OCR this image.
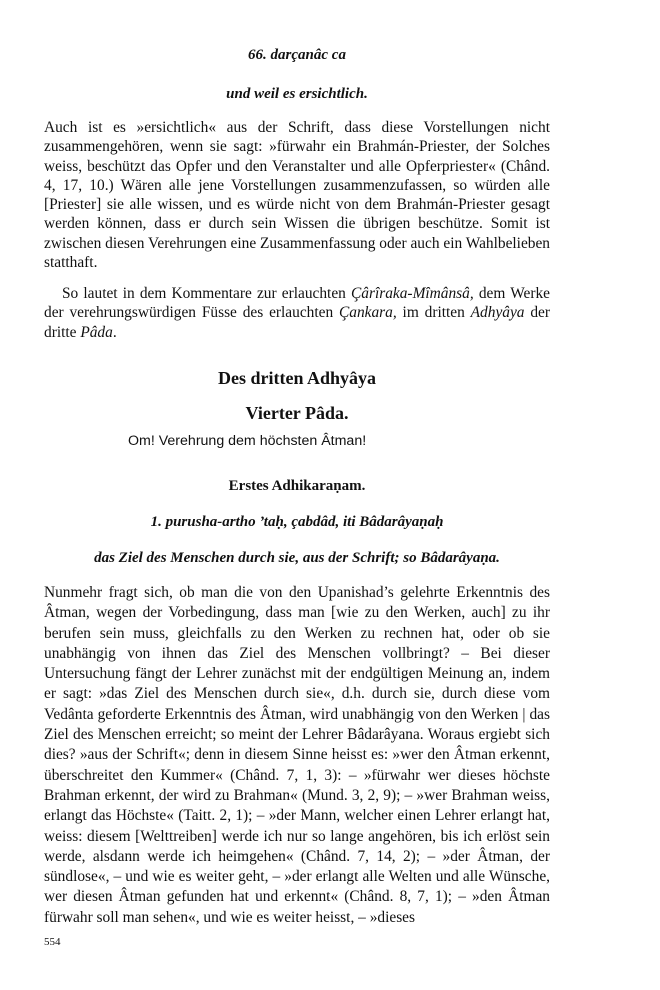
66. darçanâc ca

und weil es ersichtlich.

Auch ist es »ersichtlich« aus der Schrift, dass diese Vorstellungen nicht zusammengehören, wenn sie sagt: »fürwahr ein Brahmán-Priester, der Solches weiss, beschützt das Opfer und den Veranstalter und alle Opferpriester« (Chând. 4, 17, 10.) Wären alle jene Vorstellungen zusammenzufassen, so würden alle [Priester] sie alle wissen, und es würde nicht von dem Brahmán-Priester gesagt werden können, dass er durch sein Wissen die übrigen beschütze. Somit ist zwischen diesen Verehrungen eine Zusammenfassung oder auch ein Wahlbelieben statthaft.

So lautet in dem Kommentare zur erlauchten Çârîraka-Mîmânsâ, dem Werke der verehrungswürdigen Füsse des erlauchten Çankara, im dritten Adhyâya der dritte Pâda.

Des dritten Adhyâya

Vierter Pâda.

Om! Verehrung dem höchsten Âtman!

Erstes Adhikaraṇam.

1. purusha-artho ’taḥ, çabdâd, iti Bâdarâyaṇaḥ

das Ziel des Menschen durch sie, aus der Schrift; so Bâdarâyaṇa.

Nunmehr fragt sich, ob man die von den Upanishad’s gelehrte Erkenntnis des Âtman, wegen der Vorbedingung, dass man [wie zu den Werken, auch] zu ihr berufen sein muss, gleichfalls zu den Werken zu rechnen hat, oder ob sie unabhängig von ihnen das Ziel des Menschen vollbringt? – Bei dieser Untersuchung fängt der Lehrer zunächst mit der endgültigen Meinung an, indem er sagt: »das Ziel des Menschen durch sie«, d.h. durch sie, durch diese vom Vedânta geforderte Erkenntnis des Âtman, wird unabhängig von den Werken | das Ziel des Menschen erreicht; so meint der Lehrer Bâdarâyana. Woraus ergiebt sich dies? »aus der Schrift«; denn in diesem Sinne heisst es: »wer den Âtman erkennt, überschreitet den Kummer« (Chând. 7, 1, 3): – »fürwahr wer dieses höchste Brahman erkennt, der wird zu Brahman« (Mund. 3, 2, 9); – »wer Brahman weiss, erlangt das Höchste« (Taitt. 2, 1); – »der Mann, welcher einen Lehrer erlangt hat, weiss: diesem [Welttreiben] werde ich nur so lange angehören, bis ich erlöst sein werde, alsdann werde ich heimgehen« (Chând. 7, 14, 2); – »der Âtman, der sündlose«, – und wie es weiter geht, – »der erlangt alle Welten und alle Wünsche, wer diesen Âtman gefunden hat und erkennt« (Chând. 8, 7, 1); – »den Âtman fürwahr soll man sehen«, und wie es weiter heisst, – »dieses

554
